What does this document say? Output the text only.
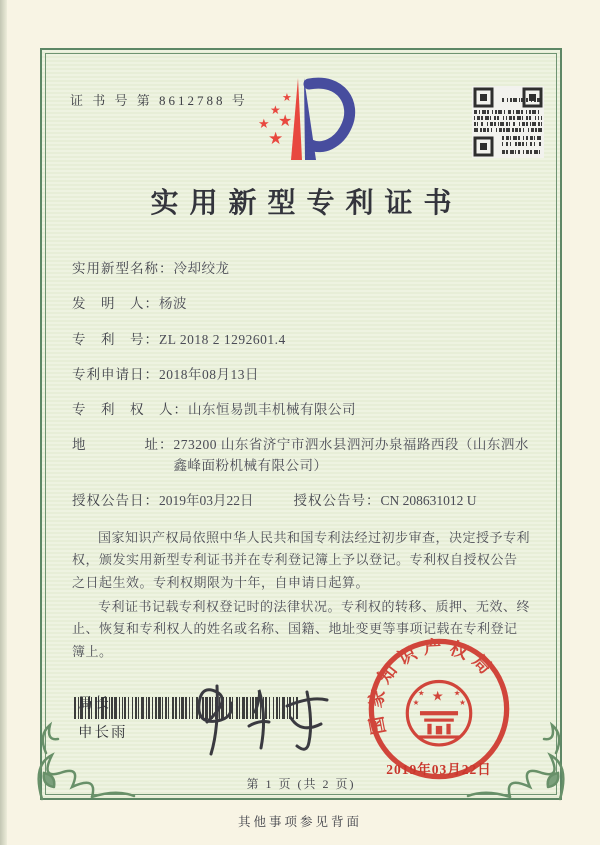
证 书 号 第 8612788 号	★
★
★ ★
★
实用新型专利证书
实用新型名称： 冷却绞龙
发　明　人： 杨波
专　利　号： ZL 2018 2 1292601.4
专利申请日： 2018年08月13日
专　利　权　人： 山东恒易凯丰机械有限公司
地　　　　址： 273200 山东省济宁市泗水县泗河办泉福路西段（山东泗水鑫峰面粉机械有限公司）
授权公告日： 2019年03月22日	授权公告号： CN 208631012 U

国家知识产权局依照中华人民共和国专利法经过初步审查，决定授予专利权，颁发实用新型专利证书并在专利登记簿上予以登记。专利权自授权公告之日起生效。专利权期限为十年，自申请日起算。

专利证书记载专利权登记时的法律状况。专利权的转移、质押、无效、终止、恢复和专利权人的姓名或名称、国籍、地址变更等事项记载在专利登记簿上。

局长
申长雨	国家知识产权局
★
★	★
★	★
2019年03月22日
第 1 页 (共 2 页)
其他事项参见背面
